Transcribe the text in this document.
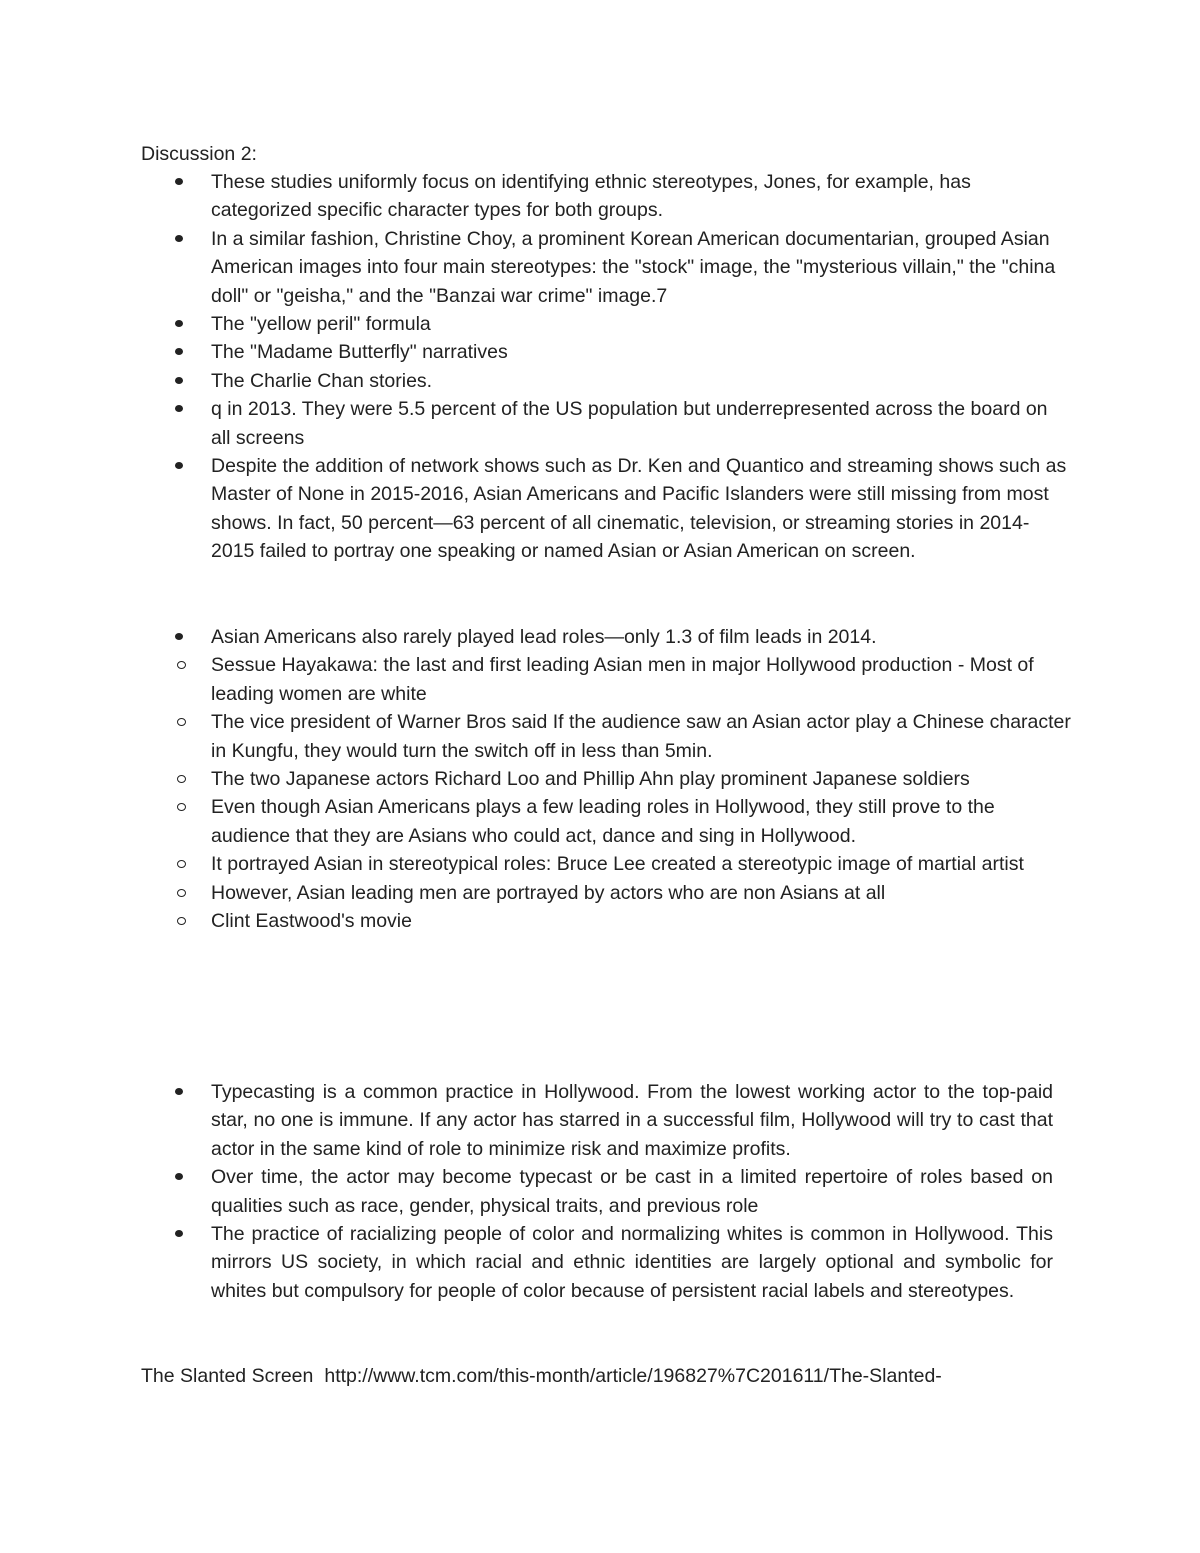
Discussion 2:
These studies uniformly focus on identifying ethnic stereotypes, Jones, for example, has categorized specific character types for both groups.
In a similar fashion, Christine Choy, a prominent Korean American documentarian, grouped Asian American images into four main stereotypes: the "stock" image, the "mysterious villain," the "china doll" or "geisha," and the "Banzai war crime" image.7
The "yellow peril" formula
The "Madame Butterfly" narratives
The Charlie Chan stories.
q in 2013. They were 5.5 percent of the US population but underrepresented across the board on all screens
Despite the addition of network shows such as Dr. Ken and Quantico and streaming shows such as Master of None in 2015-2016, Asian Americans and Pacific Islanders were still missing from most shows. In fact, 50 percent—63 percent of all cinematic, television, or streaming stories in 2014-2015 failed to portray one speaking or named Asian or Asian American on screen.
Asian Americans also rarely played lead roles—only 1.3 of film leads in 2014.
Sessue Hayakawa: the last and first leading Asian men in major Hollywood production - Most of leading women are white
The vice president of Warner Bros said If the audience saw an Asian actor play a Chinese character in Kungfu, they would turn the switch off in less than 5min.
The two Japanese actors Richard Loo and Phillip Ahn play prominent Japanese soldiers
Even though Asian Americans plays a few leading roles in Hollywood, they still prove to the audience that they are Asians who could act, dance and sing in Hollywood.
It portrayed Asian in stereotypical roles: Bruce Lee created a stereotypic image of martial artist
However, Asian leading men are portrayed by actors who are non Asians at all
Clint Eastwood's movie
Typecasting is a common practice in Hollywood. From the lowest working actor to the top-paid star, no one is immune. If any actor has starred in a successful film, Hollywood will try to cast that actor in the same kind of role to minimize risk and maximize profits.
Over time, the actor may become typecast or be cast in a limited repertoire of roles based on qualities such as race, gender, physical traits, and previous role
The practice of racializing people of color and normalizing whites is common in Hollywood. This mirrors US society, in which racial and ethnic identities are largely optional and symbolic for whites but compulsory for people of color because of persistent racial labels and stereotypes.
The Slanted Screen http://www.tcm.com/this-month/article/196827%7C201611/The-Slanted-
